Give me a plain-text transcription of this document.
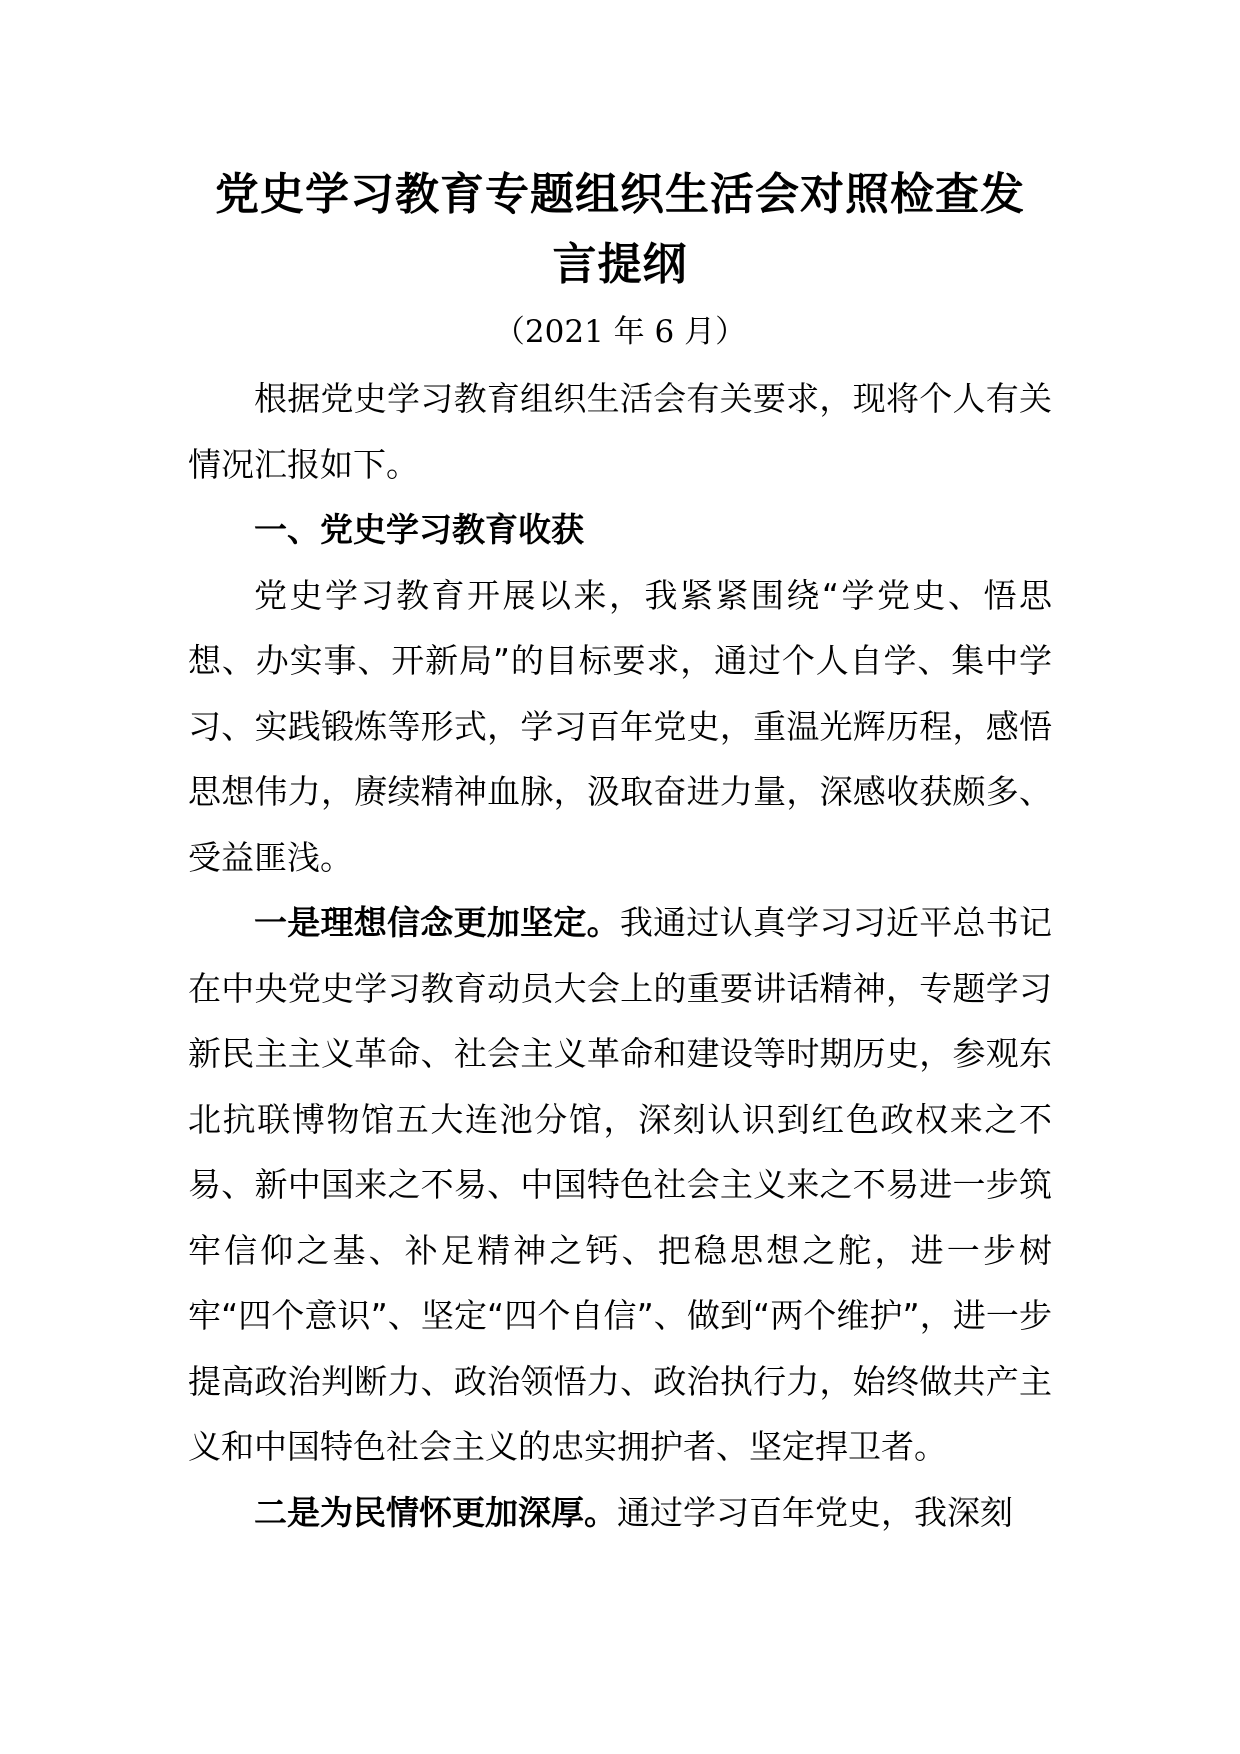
党史学习教育专题组织生活会对照检查发
言提纲

（2021 年 6 月）

根据党史学习教育组织生活会有关要求，现将个人有关情况汇报如下。

一、党史学习教育收获

党史学习教育开展以来，我紧紧围绕“学党史、悟思想、办实事、开新局”的目标要求，通过个人自学、集中学习、实践锻炼等形式，学习百年党史，重温光辉历程，感悟思想伟力，赓续精神血脉，汲取奋进力量，深感收获颇多、受益匪浅。

一是理想信念更加坚定。我通过认真学习习近平总书记在中央党史学习教育动员大会上的重要讲话精神，专题学习新民主主义革命、社会主义革命和建设等时期历史，参观东北抗联博物馆五大连池分馆，深刻认识到红色政权来之不易、新中国来之不易、中国特色社会主义来之不易进一步筑牢信仰之基、补足精神之钙、把稳思想之舵，进一步树牢“四个意识”、坚定“四个自信”、做到“两个维护”，进一步提高政治判断力、政治领悟力、政治执行力，始终做共产主义和中国特色社会主义的忠实拥护者、坚定捍卫者。

二是为民情怀更加深厚。通过学习百年党史，我深刻
